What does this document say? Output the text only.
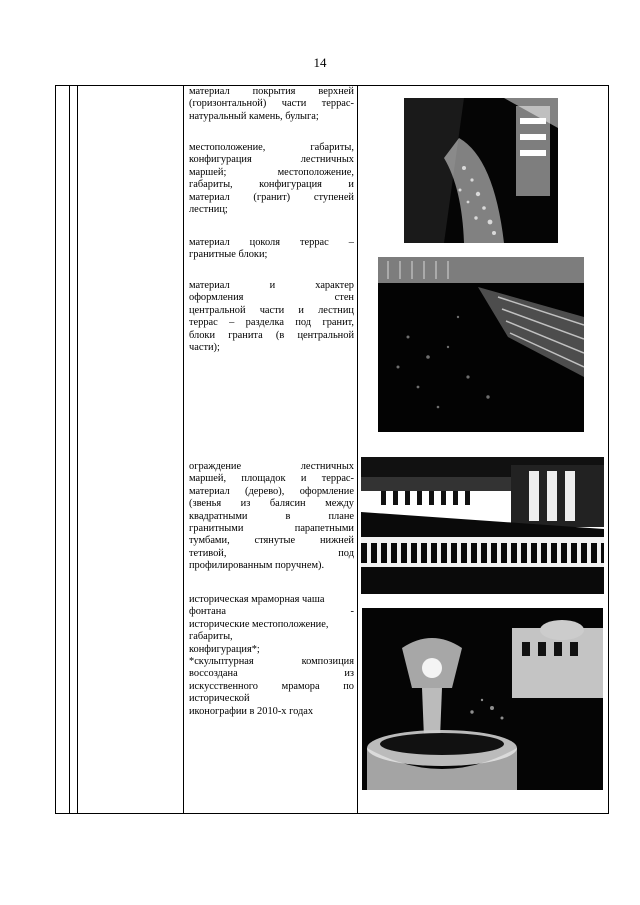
14
материал покрытия верхней
(горизонтальной) части террас-
натуральный камень, булыга;
местоположение, габариты,
конфигурация лестничных
маршей; местоположение,
габариты, конфигурация и
материал (гранит) ступеней
лестниц;
материал цоколя террас –
гранитные блоки;
материал и характер
оформления стен
центральной части и лестниц
террас – разделка под гранит,
блоки гранита (в центральной
части);
ограждение лестничных
маршей, площадок и террас-
материал (дерево), оформление
(звенья из балясин между
квадратными в плане
гранитными парапетными
тумбами, стянутые нижней
тетивой, под
профилированным поручнем).
историческая мраморная чаша
фонтана -
исторические местоположение,
габариты,
конфигурация*;
*скульптурная композиция
воссоздана из
искусственного мрамора по
исторической
иконографии в 2010-х годах
